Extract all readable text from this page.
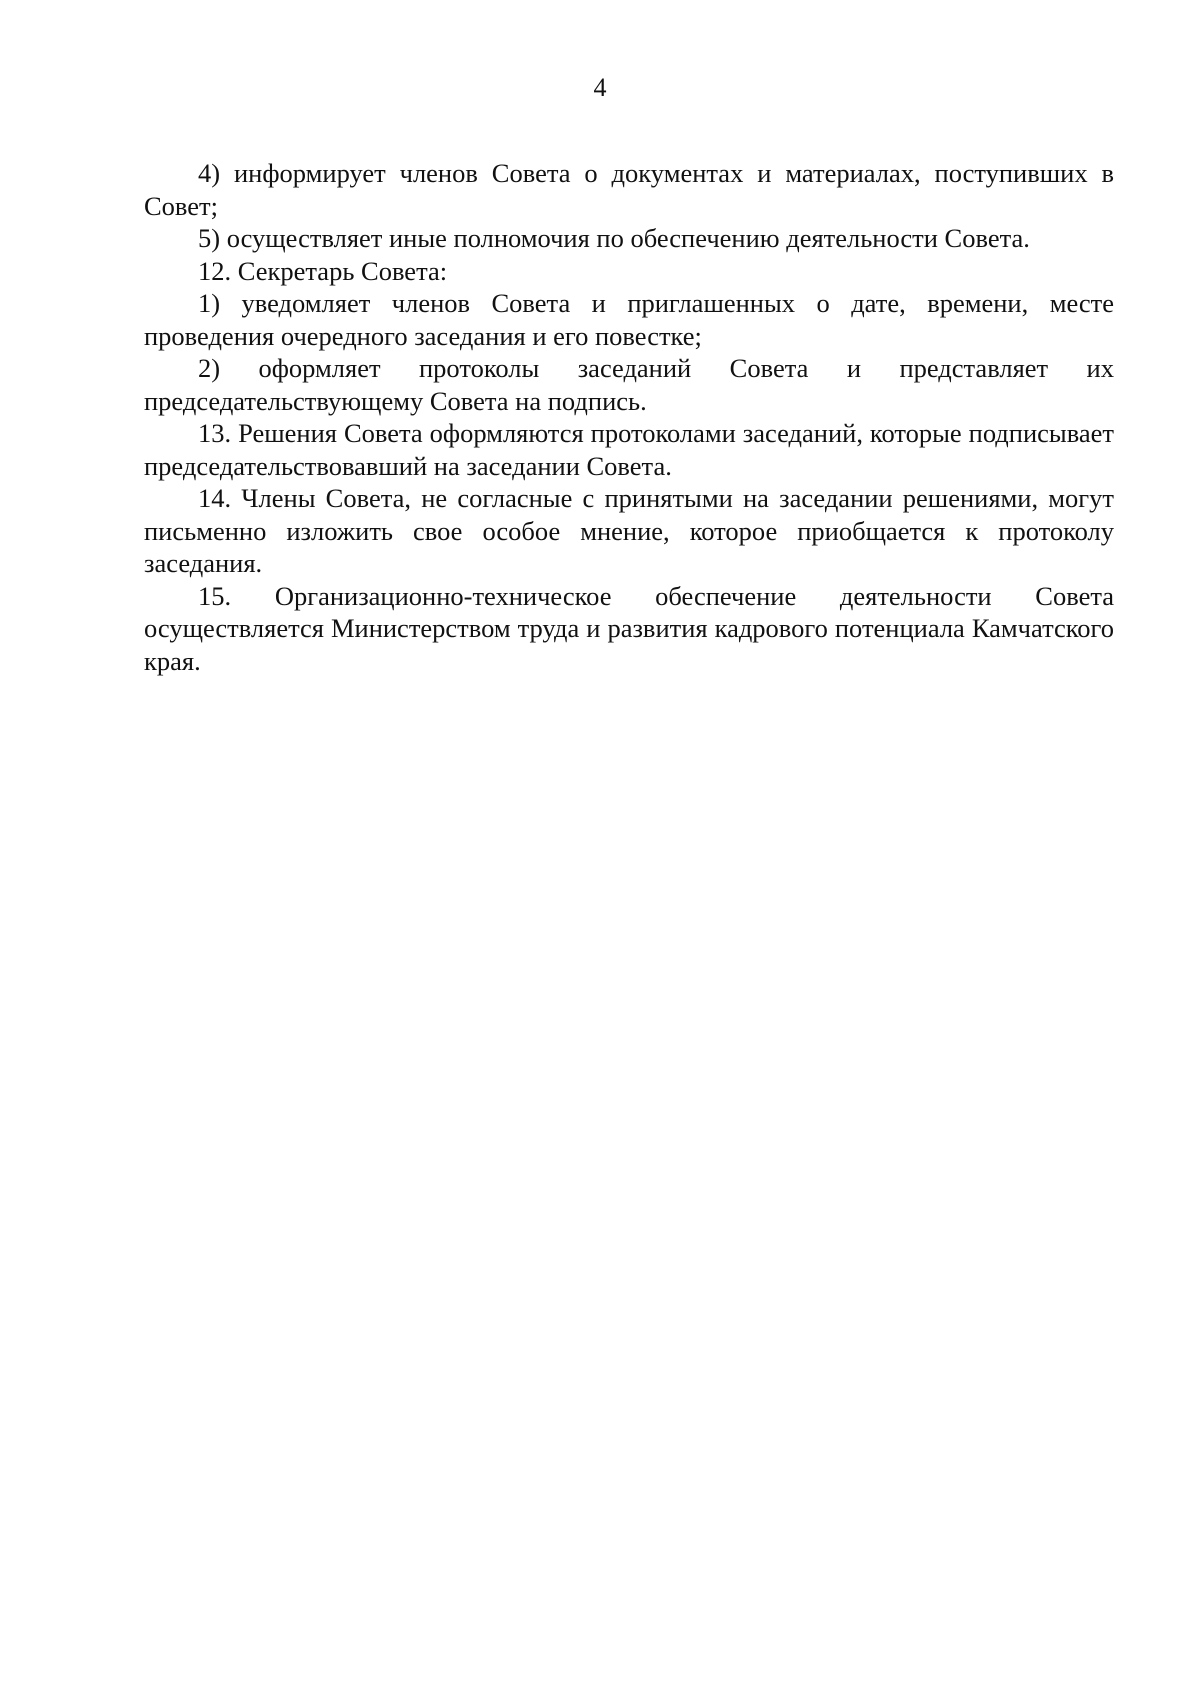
4

4) информирует членов Совета о документах и материалах, поступивших в Совет;

5) осуществляет иные полномочия по обеспечению деятельности Совета.

12. Секретарь Совета:

1) уведомляет членов Совета и приглашенных о дате, времени, месте проведения очередного заседания и его повестке;

2) оформляет протоколы заседаний Совета и представляет их председательствующему Совета на подпись.

13. Решения Совета оформляются протоколами заседаний, которые подписывает председательствовавший на заседании Совета.

14. Члены Совета, не согласные с принятыми на заседании решениями, могут письменно изложить свое особое мнение, которое приобщается к протоколу заседания.

15. Организационно-техническое обеспечение деятельности Совета осуществляется Министерством труда и развития кадрового потенциала Камчатского края.
